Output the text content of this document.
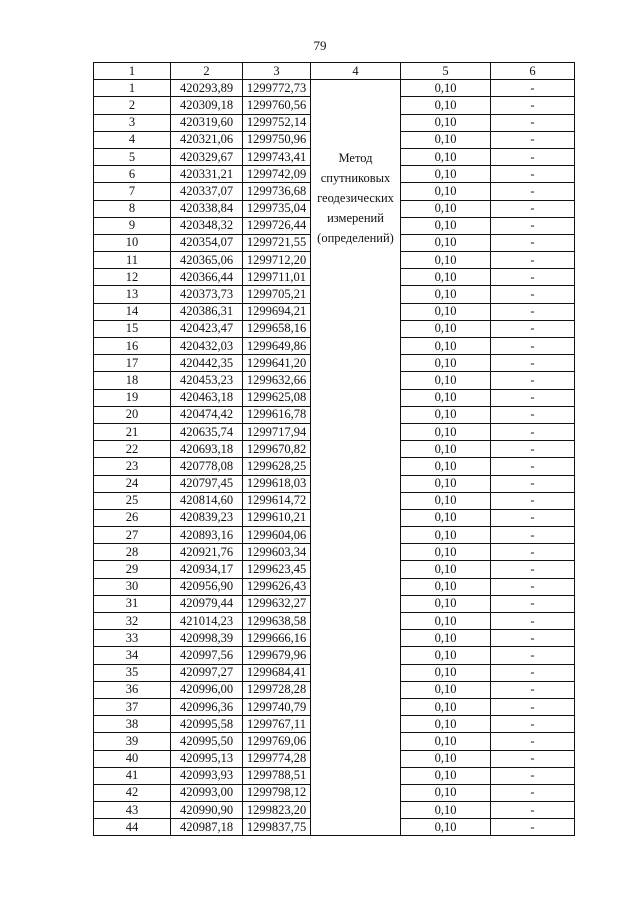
79
1	2	3	4	5	6
1	420293,89	1299772,73	Метод спутниковых геодезических измерений (определений)	0,10	-
2	420309,18	1299760,56		0,10	-
3	420319,60	1299752,14		0,10	-
4	420321,06	1299750,96		0,10	-
5	420329,67	1299743,41		0,10	-
6	420331,21	1299742,09		0,10	-
7	420337,07	1299736,68		0,10	-
8	420338,84	1299735,04		0,10	-
9	420348,32	1299726,44		0,10	-
10	420354,07	1299721,55		0,10	-
11	420365,06	1299712,20		0,10	-
12	420366,44	1299711,01		0,10	-
13	420373,73	1299705,21		0,10	-
14	420386,31	1299694,21		0,10	-
15	420423,47	1299658,16		0,10	-
16	420432,03	1299649,86		0,10	-
17	420442,35	1299641,20		0,10	-
18	420453,23	1299632,66		0,10	-
19	420463,18	1299625,08		0,10	-
20	420474,42	1299616,78		0,10	-
21	420635,74	1299717,94		0,10	-
22	420693,18	1299670,82		0,10	-
23	420778,08	1299628,25		0,10	-
24	420797,45	1299618,03		0,10	-
25	420814,60	1299614,72		0,10	-
26	420839,23	1299610,21		0,10	-
27	420893,16	1299604,06		0,10	-
28	420921,76	1299603,34		0,10	-
29	420934,17	1299623,45		0,10	-
30	420956,90	1299626,43		0,10	-
31	420979,44	1299632,27		0,10	-
32	421014,23	1299638,58		0,10	-
33	420998,39	1299666,16		0,10	-
34	420997,56	1299679,96		0,10	-
35	420997,27	1299684,41		0,10	-
36	420996,00	1299728,28		0,10	-
37	420996,36	1299740,79		0,10	-
38	420995,58	1299767,11		0,10	-
39	420995,50	1299769,06		0,10	-
40	420995,13	1299774,28		0,10	-
41	420993,93	1299788,51		0,10	-
42	420993,00	1299798,12		0,10	-
43	420990,90	1299823,20		0,10	-
44	420987,18	1299837,75		0,10	-
